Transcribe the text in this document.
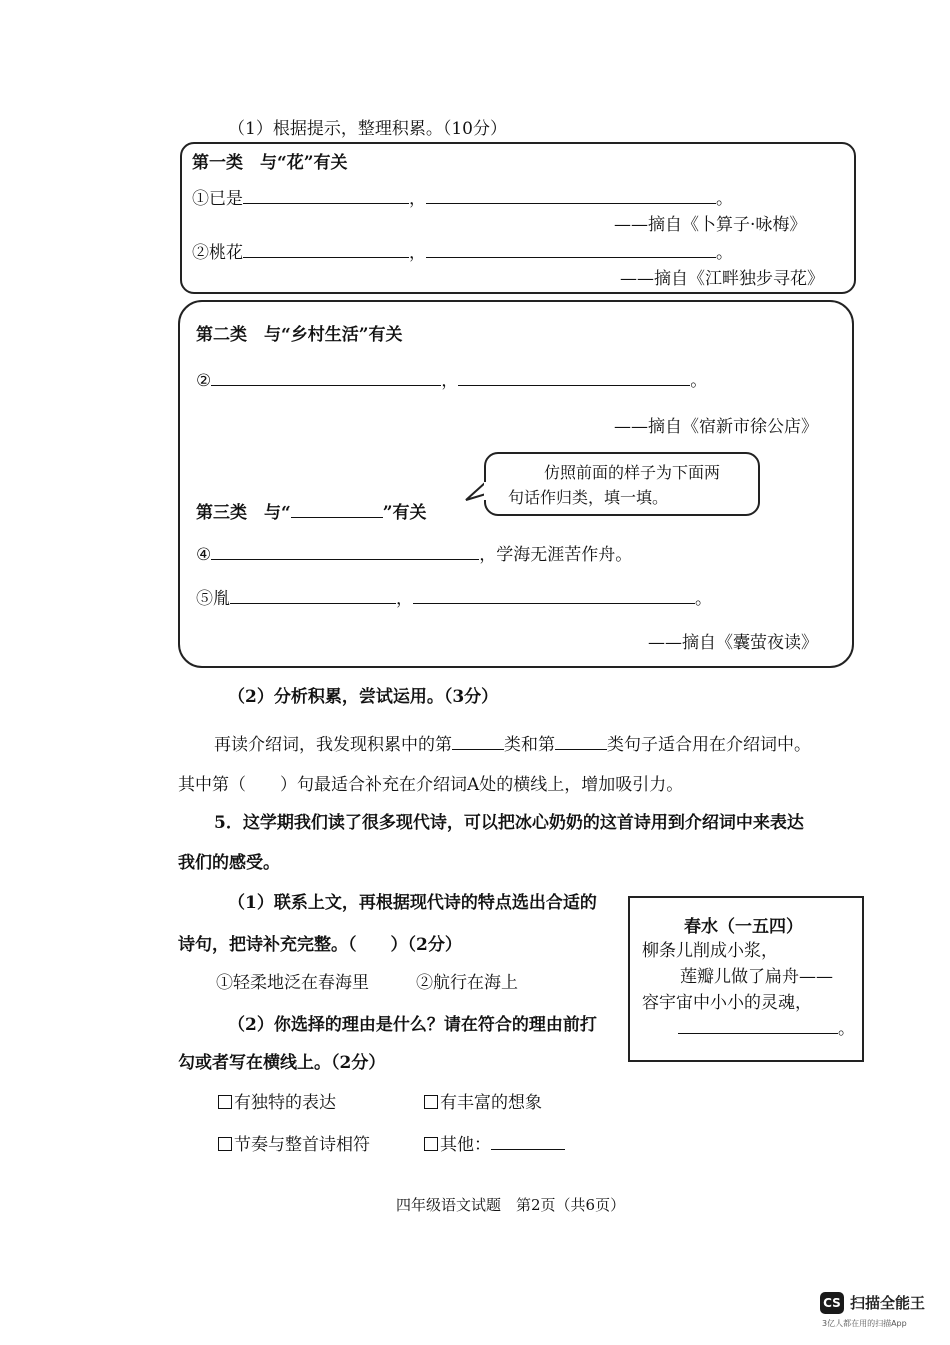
（1）根据提示，整理积累。（10分）
第一类　与“花”有关
①已是	，	。
——摘自《卜算子·咏梅》
②桃花	，	。
——摘自《江畔独步寻花》
第二类　与“乡村生活”有关
②	，	。
——摘自《宿新市徐公店》
仿照前面的样子为下面两
句话作归类，填一填。
第三类　与“	”有关
④	，学海无涯苦作舟。
⑤胤	，	。
——摘自《囊萤夜读》
（2）分析积累，尝试运用。（3分）
再读介绍词，我发现积累中的第	类和第	类句子适合用在介绍词中。
其中第（　　）句最适合补充在介绍词A处的横线上，增加吸引力。
5．这学期我们读了很多现代诗，可以把冰心奶奶的这首诗用到介绍词中来表达
我们的感受。
（1）联系上文，再根据现代诗的特点选出合适的
诗句，把诗补充完整。（　　）（2分）
①轻柔地泛在春海里	②航行在海上
（2）你选择的理由是什么？请在符合的理由前打
勾或者写在横线上。（2分）
有独特的表达	有丰富的想象
节奏与整首诗相符	其他：
春水（一五四）
柳条儿削成小浆，
莲瓣儿做了扁舟——
容宇宙中小小的灵魂，
。
四年级语文试题　第2页（共6页）
CS 扫描全能王
3亿人都在用的扫描App
